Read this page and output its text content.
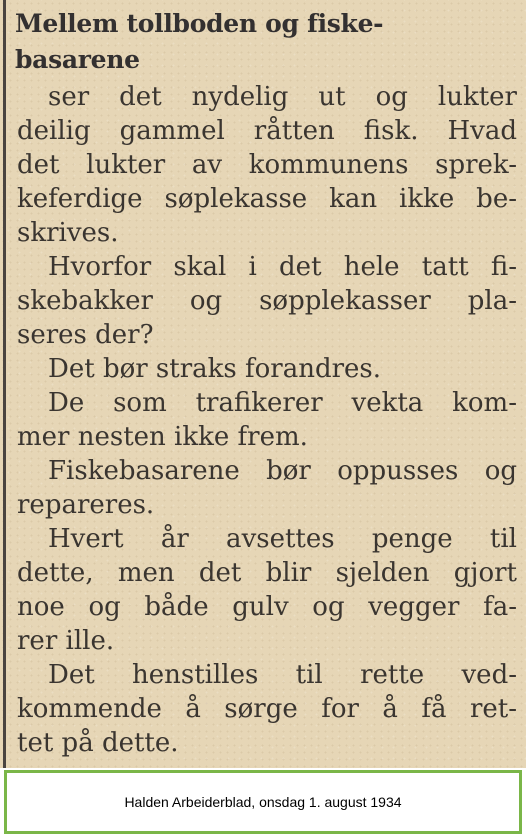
Mellem tollboden og fiske-
basarene
ser det nydelig ut og lukter
deilig gammel råtten fisk. Hvad
det lukter av kommunens sprek-
keferdige søplekasse kan ikke be-
skrives.
Hvorfor skal i det hele tatt fi-
skebakker og søpplekasser pla-
seres der?
Det bør straks forandres.
De som trafikerer vekta kom-
mer nesten ikke frem.
Fiskebasarene bør oppusses og
repareres.
Hvert år avsettes penge til
dette, men det blir sjelden gjort
noe og både gulv og vegger fa-
rer ille.
Det henstilles til rette ved-
kommende å sørge for å få ret-
tet på dette.
Halden Arbeiderblad, onsdag 1. august 1934
